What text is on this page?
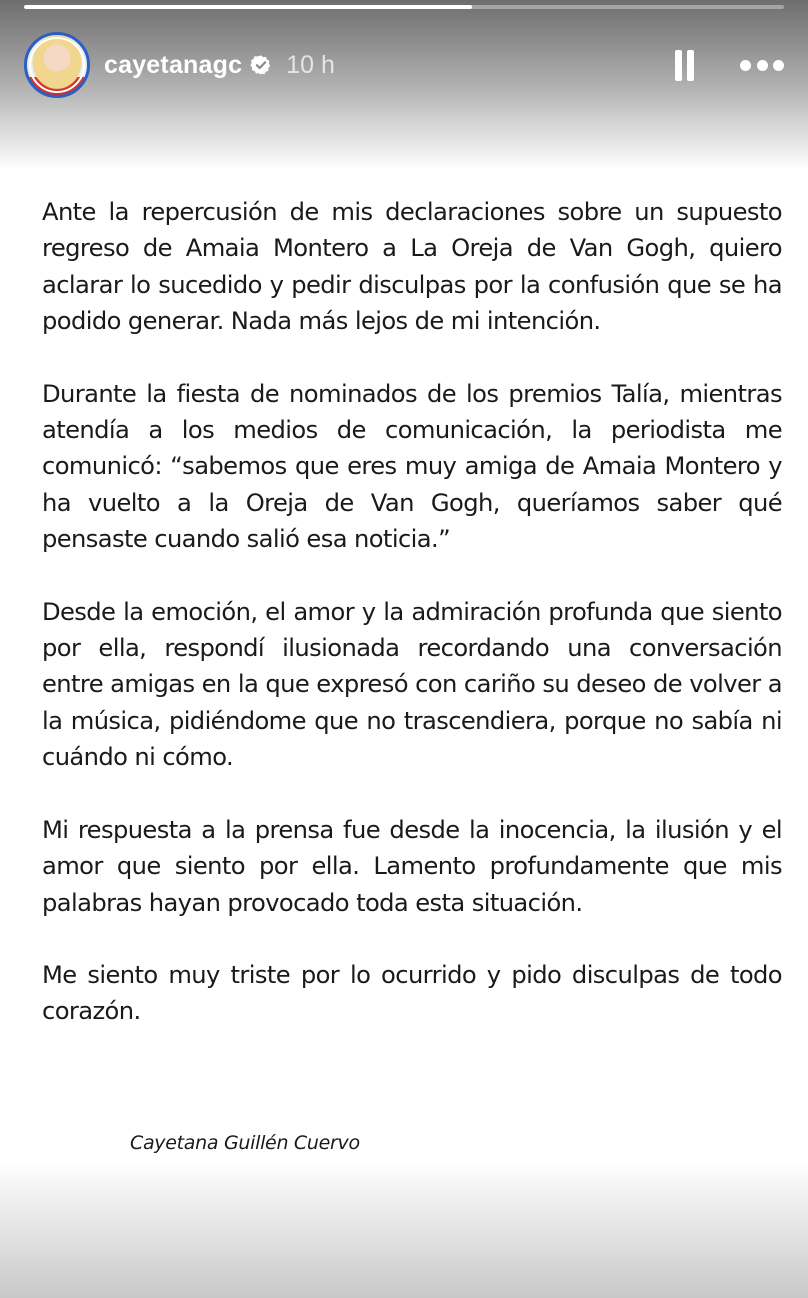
cayetanagc 10 h

Ante la repercusión de mis declaraciones sobre un supuesto regreso de Amaia Montero a La Oreja de Van Gogh, quiero aclarar lo sucedido y pedir disculpas por la confusión que se ha podido generar. Nada más lejos de mi intención.

Durante la fiesta de nominados de los premios Talía, mientras atendía a los medios de comunicación, la periodista me comunicó: “sabemos que eres muy amiga de Amaia Montero y ha vuelto a la Oreja de Van Gogh, queríamos saber qué pensaste cuando salió esa noticia.”

Desde la emoción, el amor y la admiración profunda que siento por ella, respondí ilusionada recordando una conversación entre amigas en la que expresó con cariño su deseo de volver a la música, pidiéndome que no trascendiera, porque no sabía ni cuándo ni cómo.

Mi respuesta a la prensa fue desde la inocencia, la ilusión y el amor que siento por ella. Lamento profundamente que mis palabras hayan provocado toda esta situación.

Me siento muy triste por lo ocurrido y pido disculpas de todo corazón.

Cayetana Guillén Cuervo
